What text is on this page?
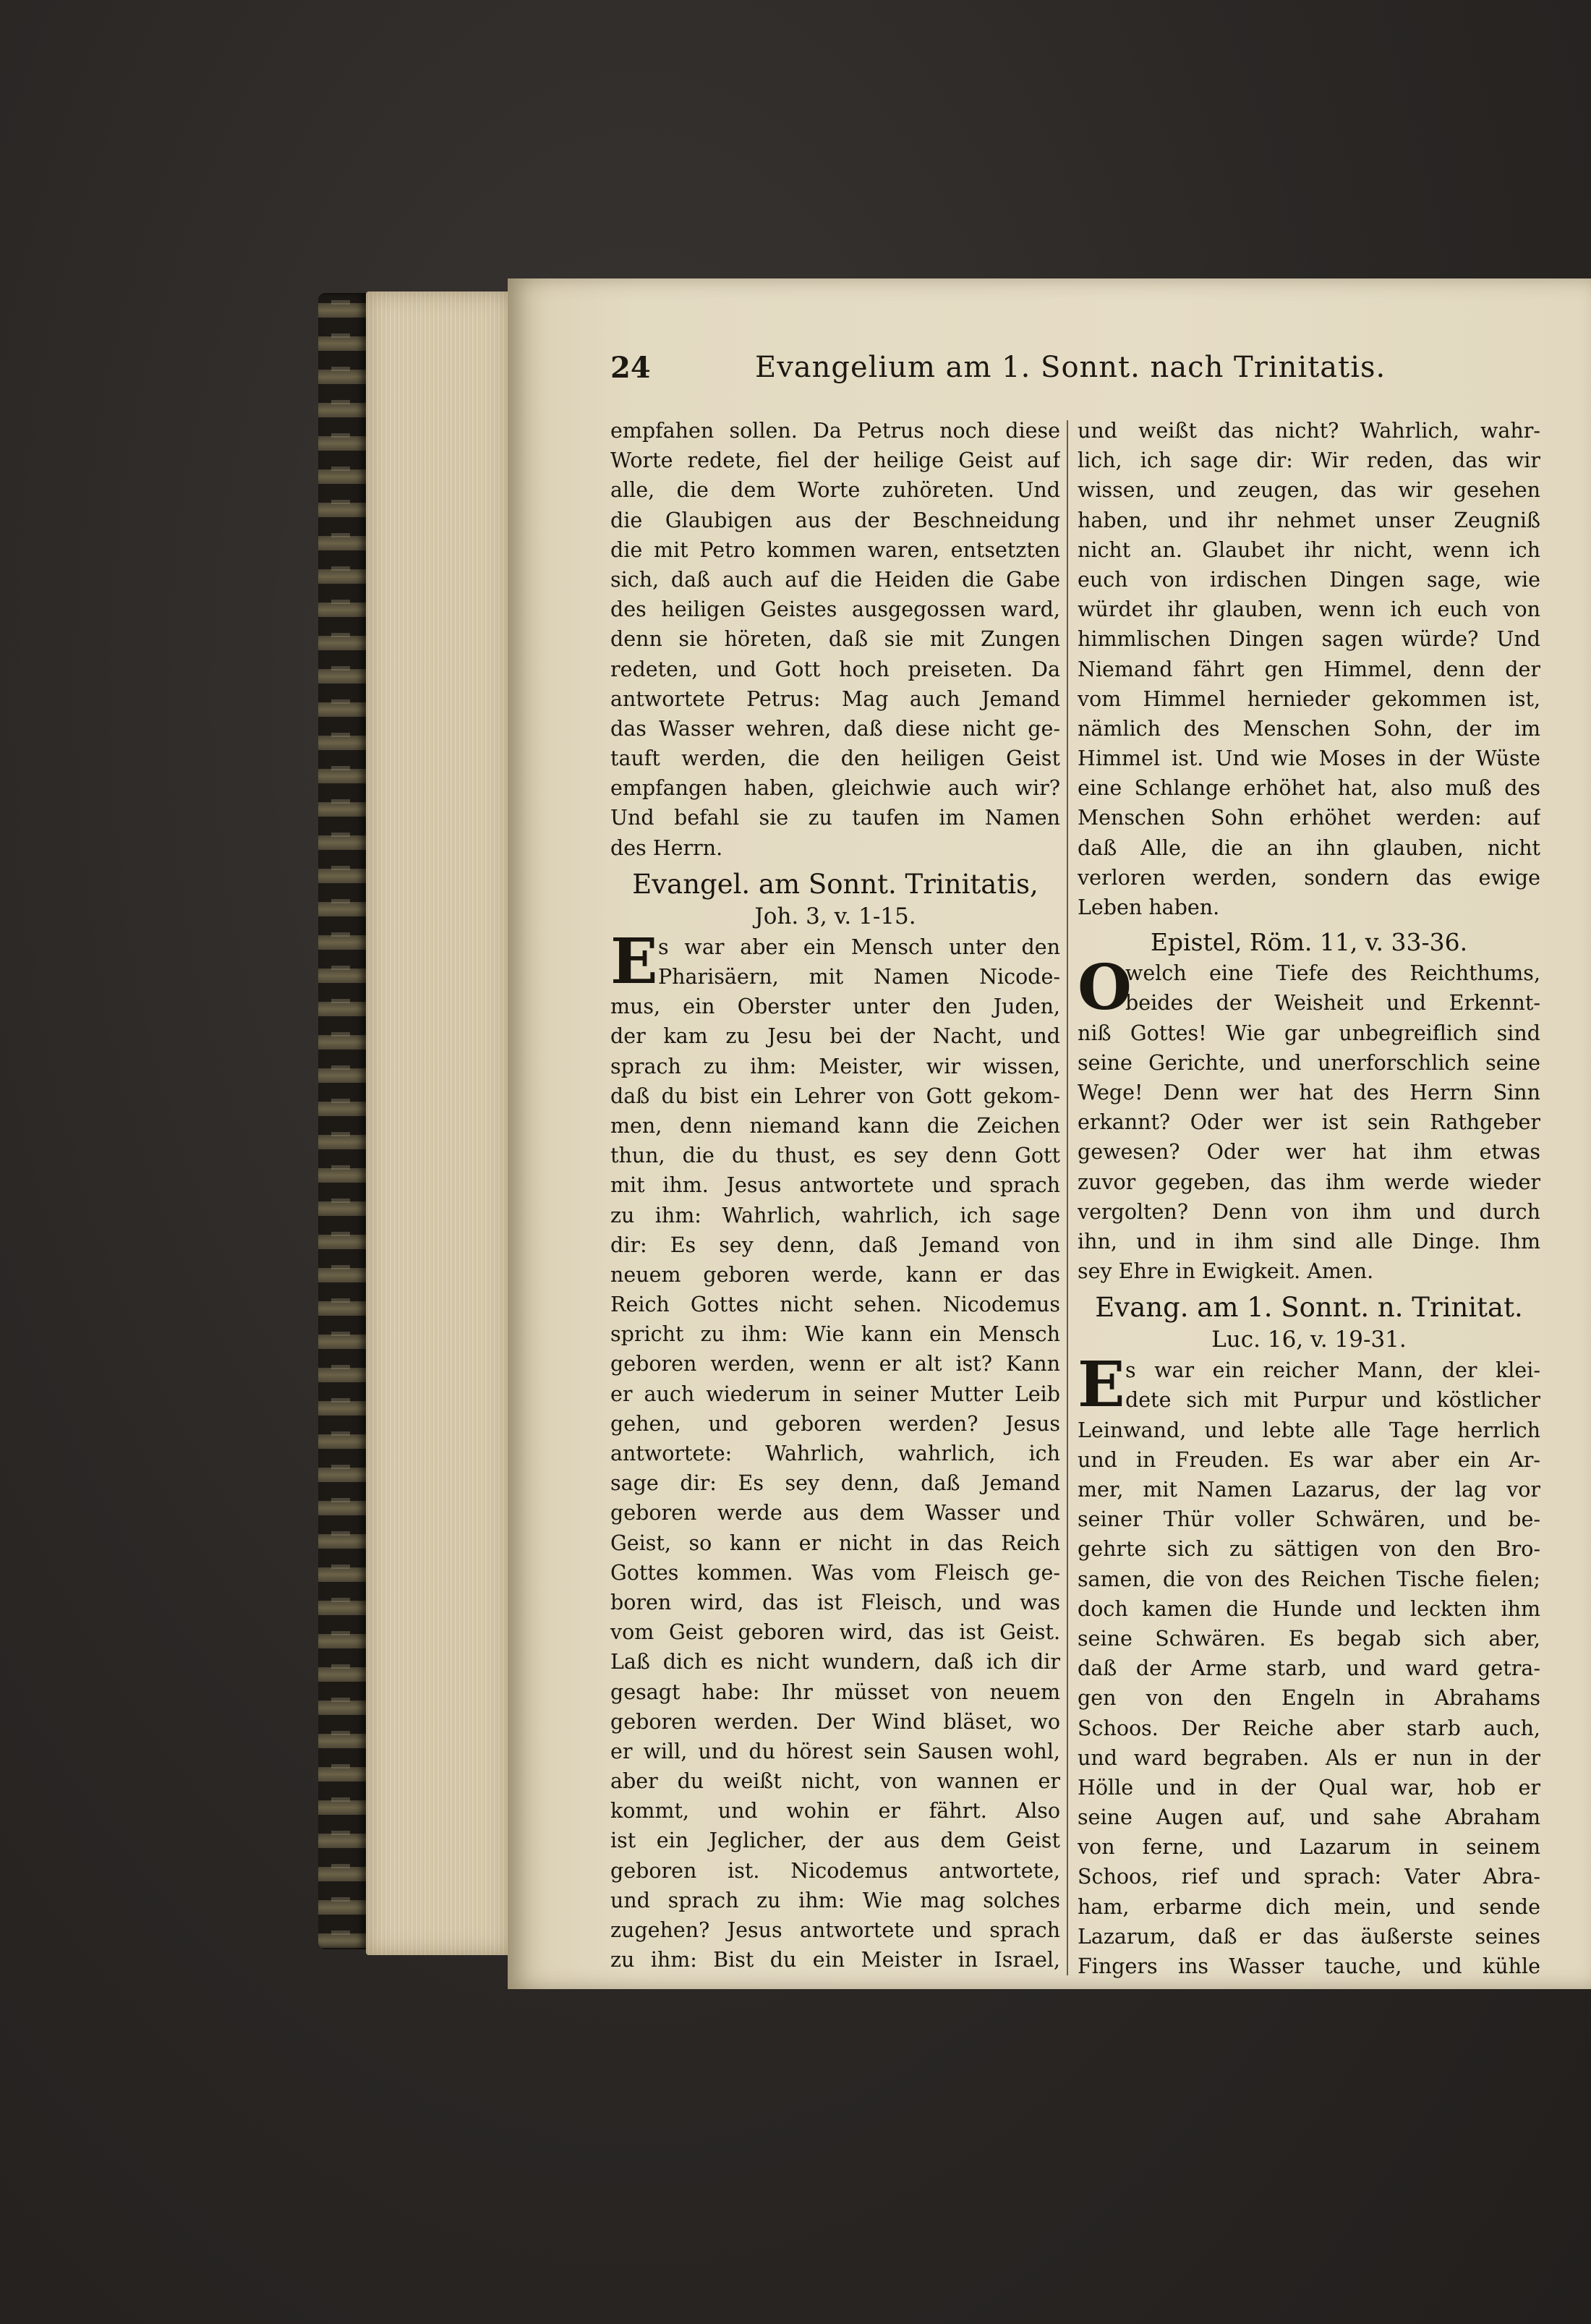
24	Evangelium am 1. Sonnt. nach Trinitatis.
empfahen sollen. Da Petrus noch diese
Worte redete, fiel der heilige Geist auf
alle, die dem Worte zuhöreten. Und
die Glaubigen aus der Beschneidung
die mit Petro kommen waren, entsetzten
sich, daß auch auf die Heiden die Gabe
des heiligen Geistes ausgegossen ward,
denn sie höreten, daß sie mit Zungen
redeten, und Gott hoch preiseten. Da
antwortete Petrus: Mag auch Jemand
das Wasser wehren, daß diese nicht ge-
tauft werden, die den heiligen Geist
empfangen haben, gleichwie auch wir?
Und befahl sie zu taufen im Namen
des Herrn.
Evangel. am Sonnt. Trinitatis,
Joh. 3, v. 1-15.
E s war aber ein Mensch unter den
Pharisäern, mit Namen Nicode-
mus, ein Oberster unter den Juden,
der kam zu Jesu bei der Nacht, und
sprach zu ihm: Meister, wir wissen,
daß du bist ein Lehrer von Gott gekom-
men, denn niemand kann die Zeichen
thun, die du thust, es sey denn Gott
mit ihm. Jesus antwortete und sprach
zu ihm: Wahrlich, wahrlich, ich sage
dir: Es sey denn, daß Jemand von
neuem geboren werde, kann er das
Reich Gottes nicht sehen. Nicodemus
spricht zu ihm: Wie kann ein Mensch
geboren werden, wenn er alt ist? Kann
er auch wiederum in seiner Mutter Leib
gehen, und geboren werden? Jesus
antwortete: Wahrlich, wahrlich, ich
sage dir: Es sey denn, daß Jemand
geboren werde aus dem Wasser und
Geist, so kann er nicht in das Reich
Gottes kommen. Was vom Fleisch ge-
boren wird, das ist Fleisch, und was
vom Geist geboren wird, das ist Geist.
Laß dich es nicht wundern, daß ich dir
gesagt habe: Ihr müsset von neuem
geboren werden. Der Wind bläset, wo
er will, und du hörest sein Sausen wohl,
aber du weißt nicht, von wannen er
kommt, und wohin er fährt. Also
ist ein Jeglicher, der aus dem Geist
geboren ist. Nicodemus antwortete,
und sprach zu ihm: Wie mag solches
zugehen? Jesus antwortete und sprach
zu ihm: Bist du ein Meister in Israel,
und weißt das nicht? Wahrlich, wahr-
lich, ich sage dir: Wir reden, das wir
wissen, und zeugen, das wir gesehen
haben, und ihr nehmet unser Zeugniß
nicht an. Glaubet ihr nicht, wenn ich
euch von irdischen Dingen sage, wie
würdet ihr glauben, wenn ich euch von
himmlischen Dingen sagen würde? Und
Niemand fährt gen Himmel, denn der
vom Himmel hernieder gekommen ist,
nämlich des Menschen Sohn, der im
Himmel ist. Und wie Moses in der Wüste
eine Schlange erhöhet hat, also muß des
Menschen Sohn erhöhet werden: auf
daß Alle, die an ihn glauben, nicht
verloren werden, sondern das ewige
Leben haben.
Epistel, Röm. 11, v. 33-36.
O
welch eine Tiefe des Reichthums,
beides der Weisheit und Erkennt-
niß Gottes! Wie gar unbegreiflich sind
seine Gerichte, und unerforschlich seine
Wege! Denn wer hat des Herrn Sinn
erkannt? Oder wer ist sein Rathgeber
gewesen? Oder wer hat ihm etwas
zuvor gegeben, das ihm werde wieder
vergolten? Denn von ihm und durch
ihn, und in ihm sind alle Dinge. Ihm
sey Ehre in Ewigkeit. Amen.
Evang. am 1. Sonnt. n. Trinitat.
Luc. 16, v. 19-31.
E s war ein reicher Mann, der klei-
dete sich mit Purpur und köstlicher
Leinwand, und lebte alle Tage herrlich
und in Freuden. Es war aber ein Ar-
mer, mit Namen Lazarus, der lag vor
seiner Thür voller Schwären, und be-
gehrte sich zu sättigen von den Bro-
samen, die von des Reichen Tische fielen;
doch kamen die Hunde und leckten ihm
seine Schwären. Es begab sich aber,
daß der Arme starb, und ward getra-
gen von den Engeln in Abrahams
Schoos. Der Reiche aber starb auch,
und ward begraben. Als er nun in der
Hölle und in der Qual war, hob er
seine Augen auf, und sahe Abraham
von ferne, und Lazarum in seinem
Schoos, rief und sprach: Vater Abra-
ham, erbarme dich mein, und sende
Lazarum, daß er das äußerste seines
Fingers ins Wasser tauche, und kühle
